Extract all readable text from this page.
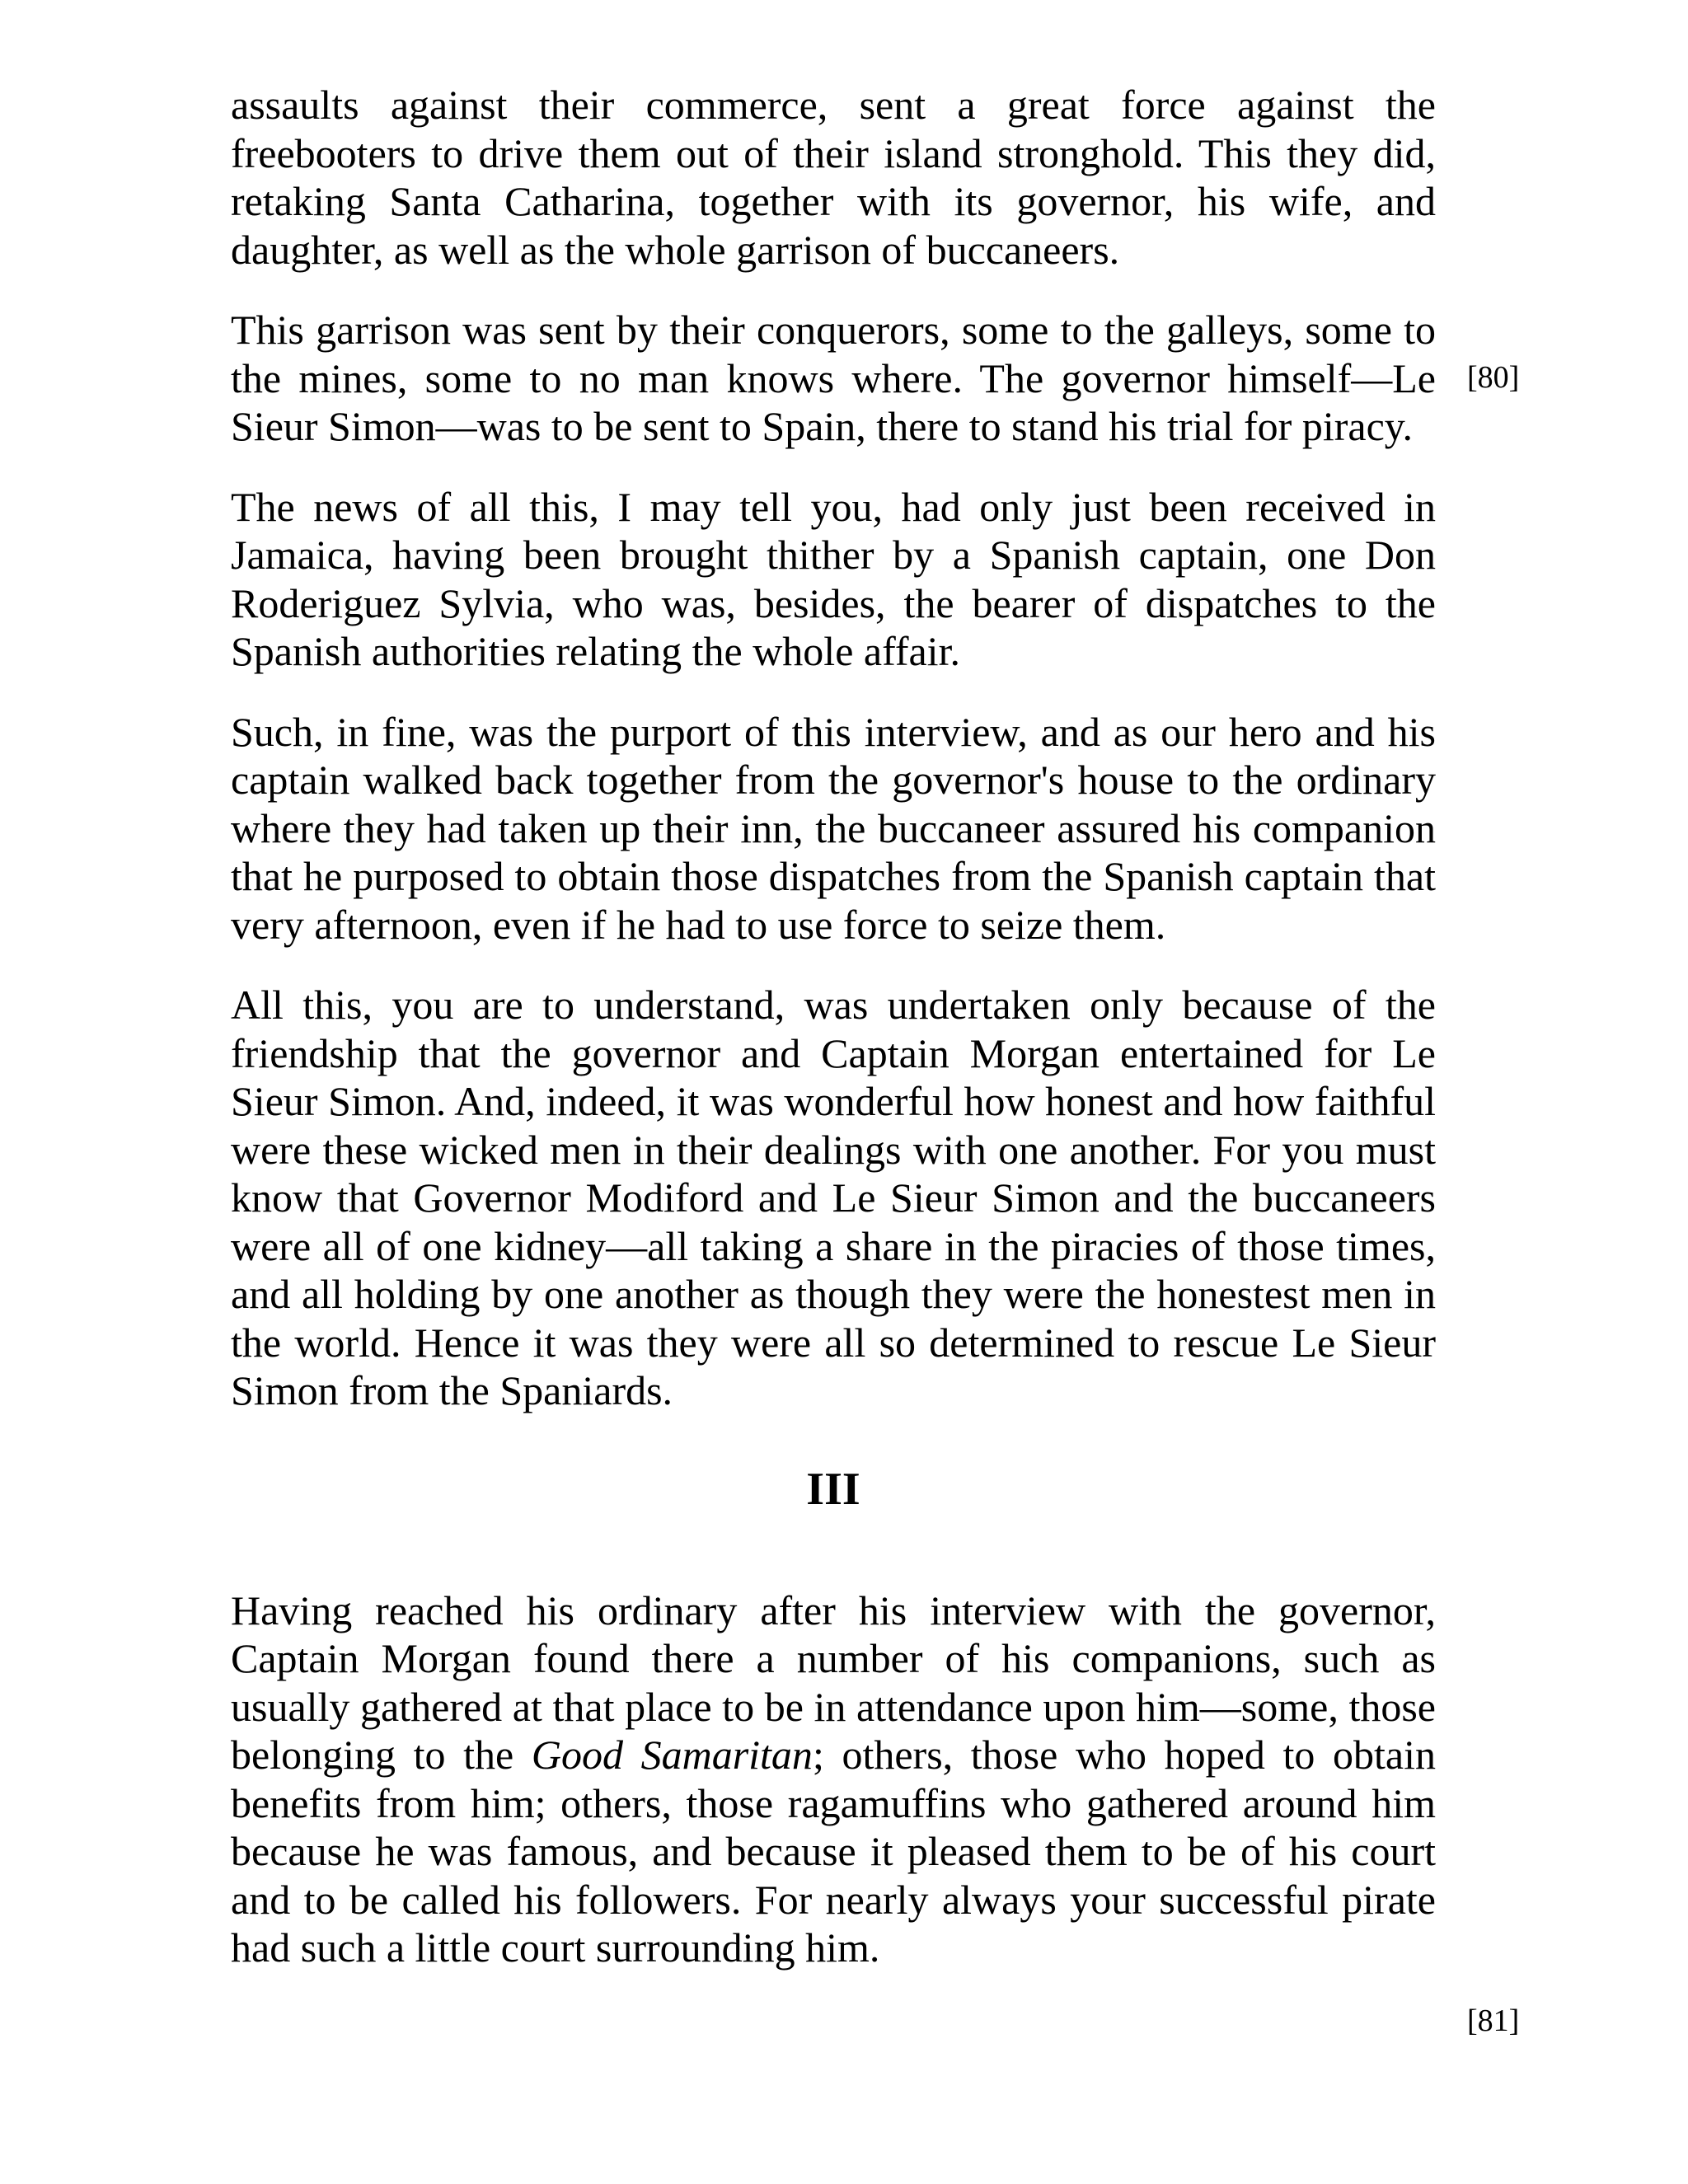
assaults against their commerce, sent a great force against the freebooters to drive them out of their island stronghold. This they did, retaking Santa Catharina, together with its governor, his wife, and daughter, as well as the whole garrison of buccaneers.

This garrison was sent by their conquerors, some to the galleys, some to the mines, some to no man knows where. The governor himself—Le Sieur Simon—was to be sent to Spain, there to stand his trial for piracy.

The news of all this, I may tell you, had only just been received in Jamaica, having been brought thither by a Spanish captain, one Don Roderiguez Sylvia, who was, besides, the bearer of dispatches to the Spanish authorities relating the whole affair.

Such, in fine, was the purport of this interview, and as our hero and his captain walked back together from the governor's house to the ordinary where they had taken up their inn, the buccaneer assured his companion that he purposed to obtain those dispatches from the Spanish captain that very afternoon, even if he had to use force to seize them.

All this, you are to understand, was undertaken only because of the friendship that the governor and Captain Morgan entertained for Le Sieur Simon. And, indeed, it was wonderful how honest and how faithful were these wicked men in their dealings with one another. For you must know that Governor Modiford and Le Sieur Simon and the buccaneers were all of one kidney—all taking a share in the piracies of those times, and all holding by one another as though they were the honestest men in the world. Hence it was they were all so determined to rescue Le Sieur Simon from the Spaniards.

III

Having reached his ordinary after his interview with the governor, Captain Morgan found there a number of his companions, such as usually gathered at that place to be in attendance upon him—some, those belonging to the Good Samaritan; others, those who hoped to obtain benefits from him; others, those ragamuffins who gathered around him because he was famous, and because it pleased them to be of his court and to be called his followers. For nearly always your successful pirate had such a little court surrounding him.

[80]
[81]
